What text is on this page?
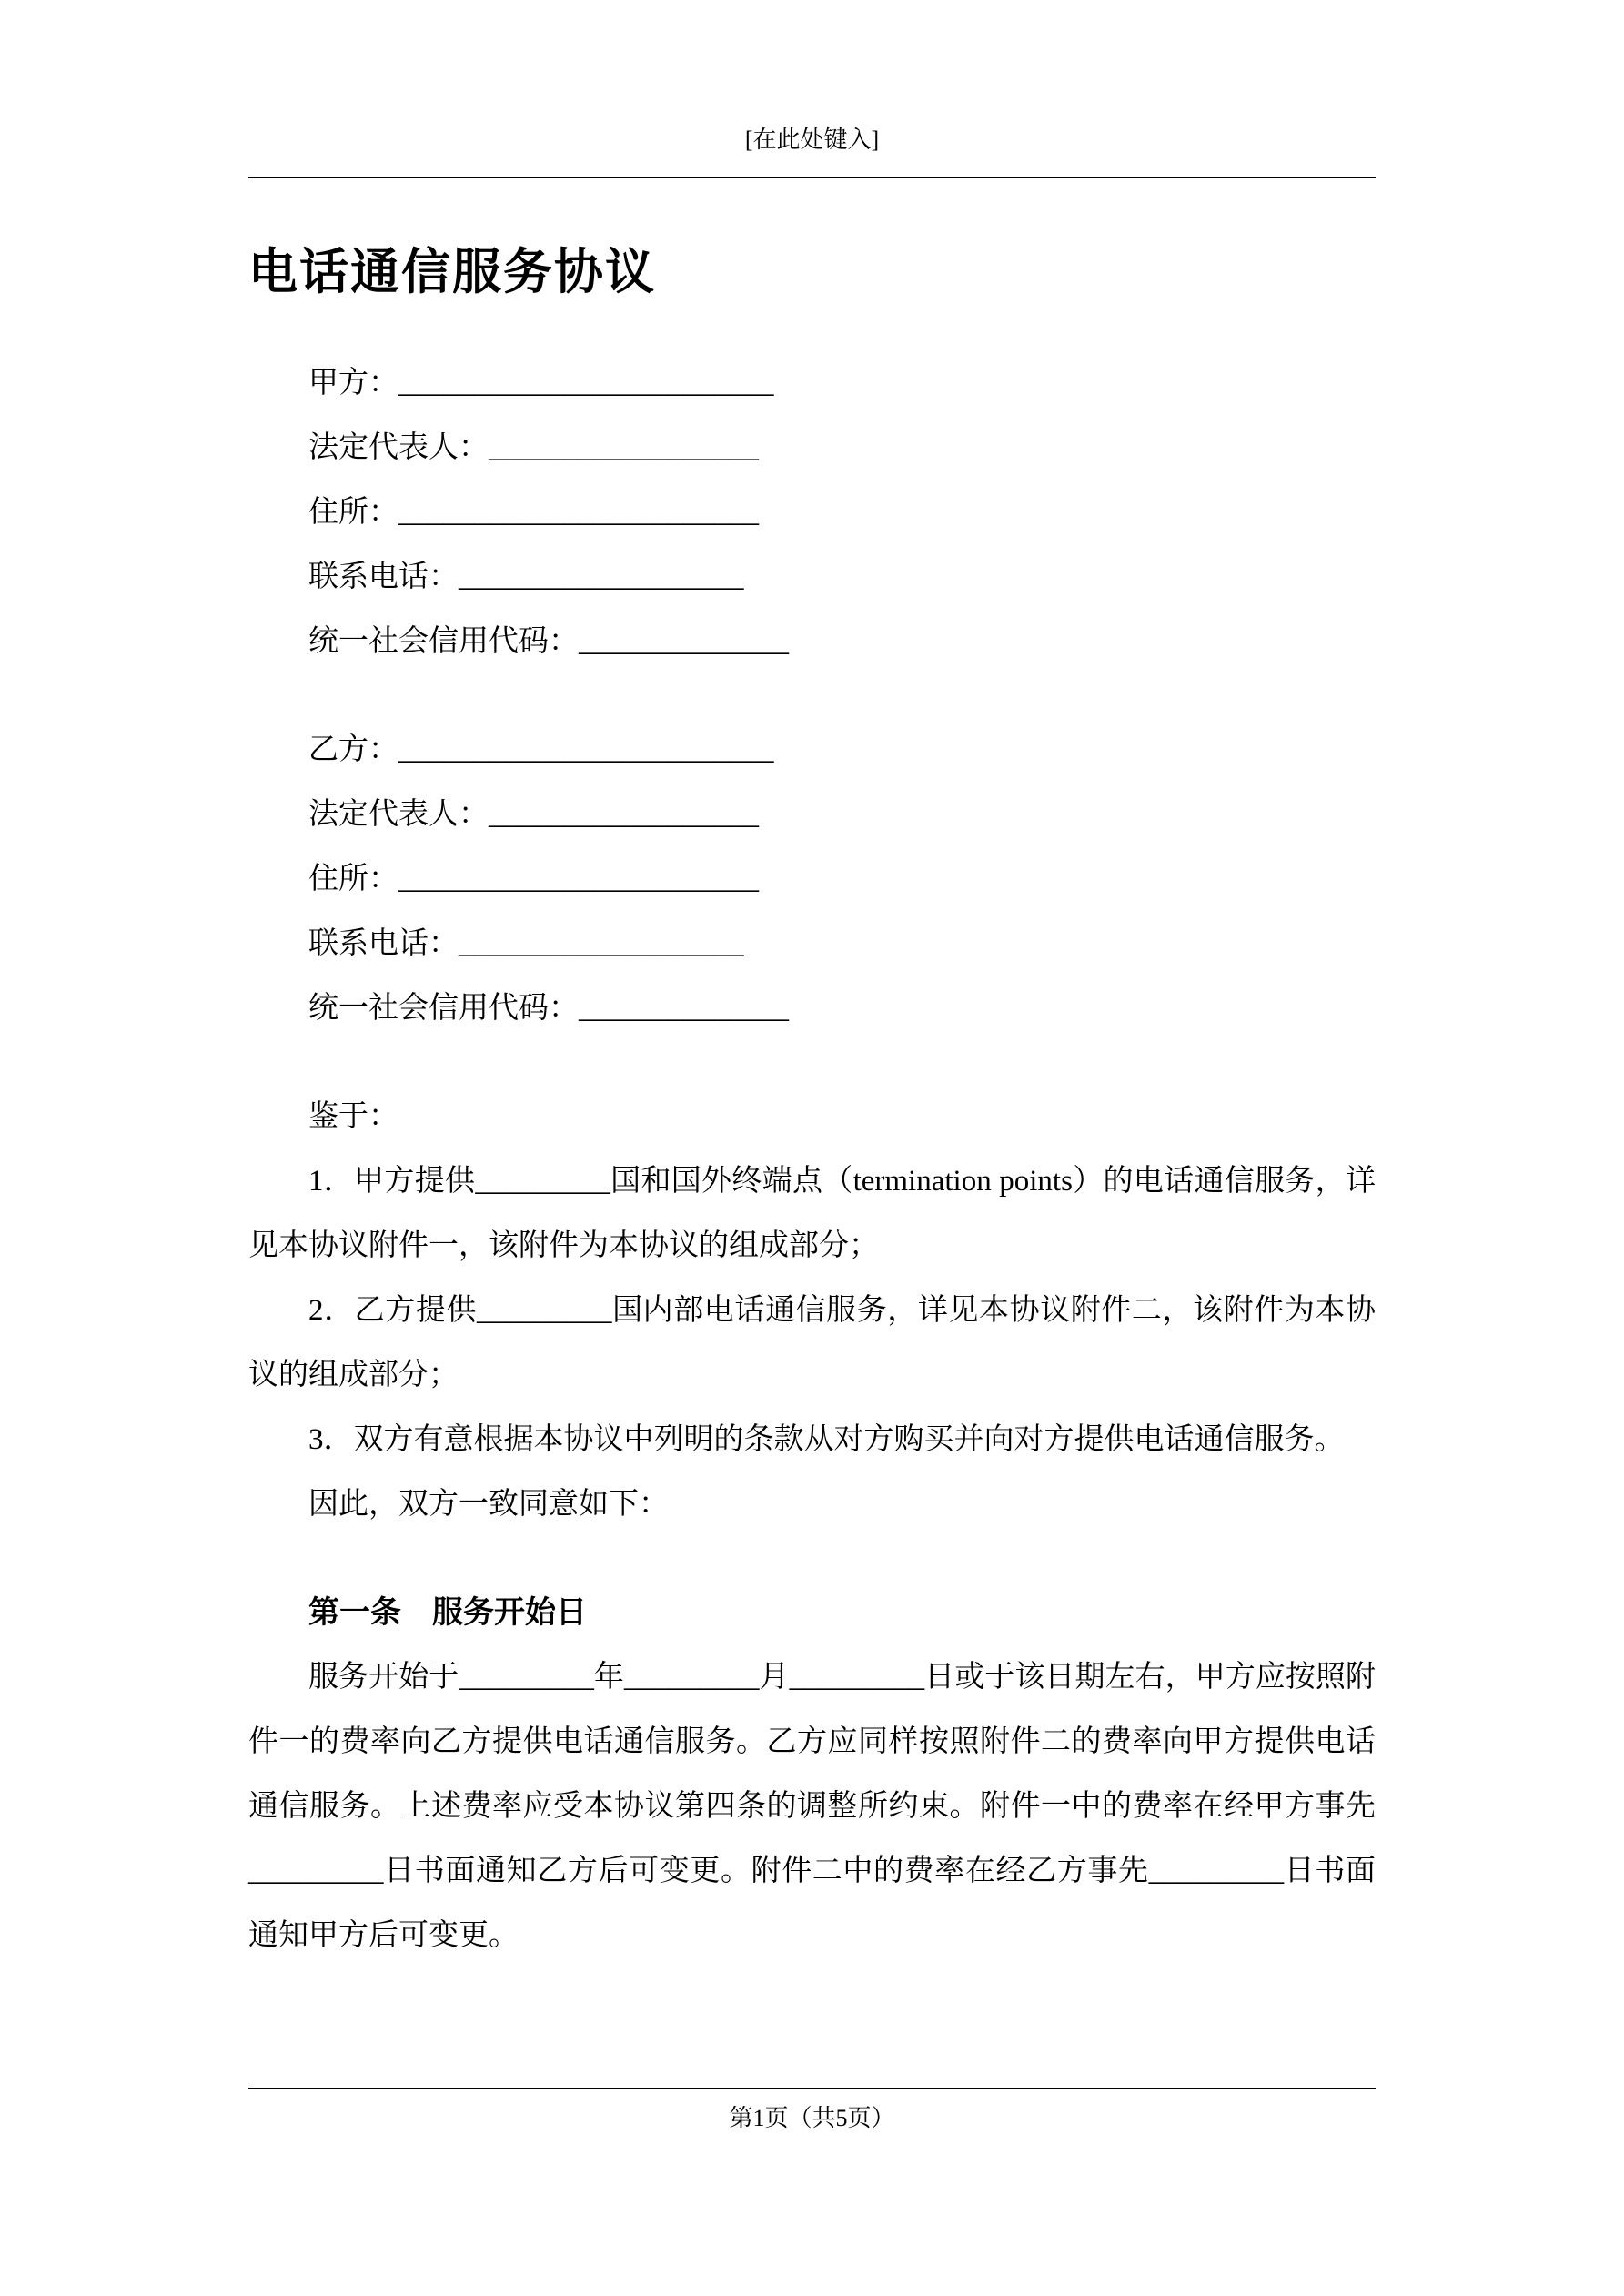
[在此处键入]
电话通信服务协议
甲方：_________________________
法定代表人：__________________
住所：________________________
联系电话：___________________
统一社会信用代码：______________
乙方：_________________________
法定代表人：__________________
住所：________________________
联系电话：___________________
统一社会信用代码：______________

鉴于：

1．甲方提供_________国和国外终端点（termination points）的电话通信服务，详见本协议附件一，该附件为本协议的组成部分；

2．乙方提供_________国内部电话通信服务，详见本协议附件二，该附件为本协议的组成部分；

3．双方有意根据本协议中列明的条款从对方购买并向对方提供电话通信服务。

因此，双方一致同意如下：

第一条　服务开始日

服务开始于_________年_________月_________日或于该日期左右，甲方应按照附件一的费率向乙方提供电话通信服务。乙方应同样按照附件二的费率向甲方提供电话通信服务。上述费率应受本协议第四条的调整所约束。附件一中的费率在经甲方事先_________日书面通知乙方后可变更。附件二中的费率在经乙方事先_________日书面通知甲方后可变更。

第1页（共5页）
